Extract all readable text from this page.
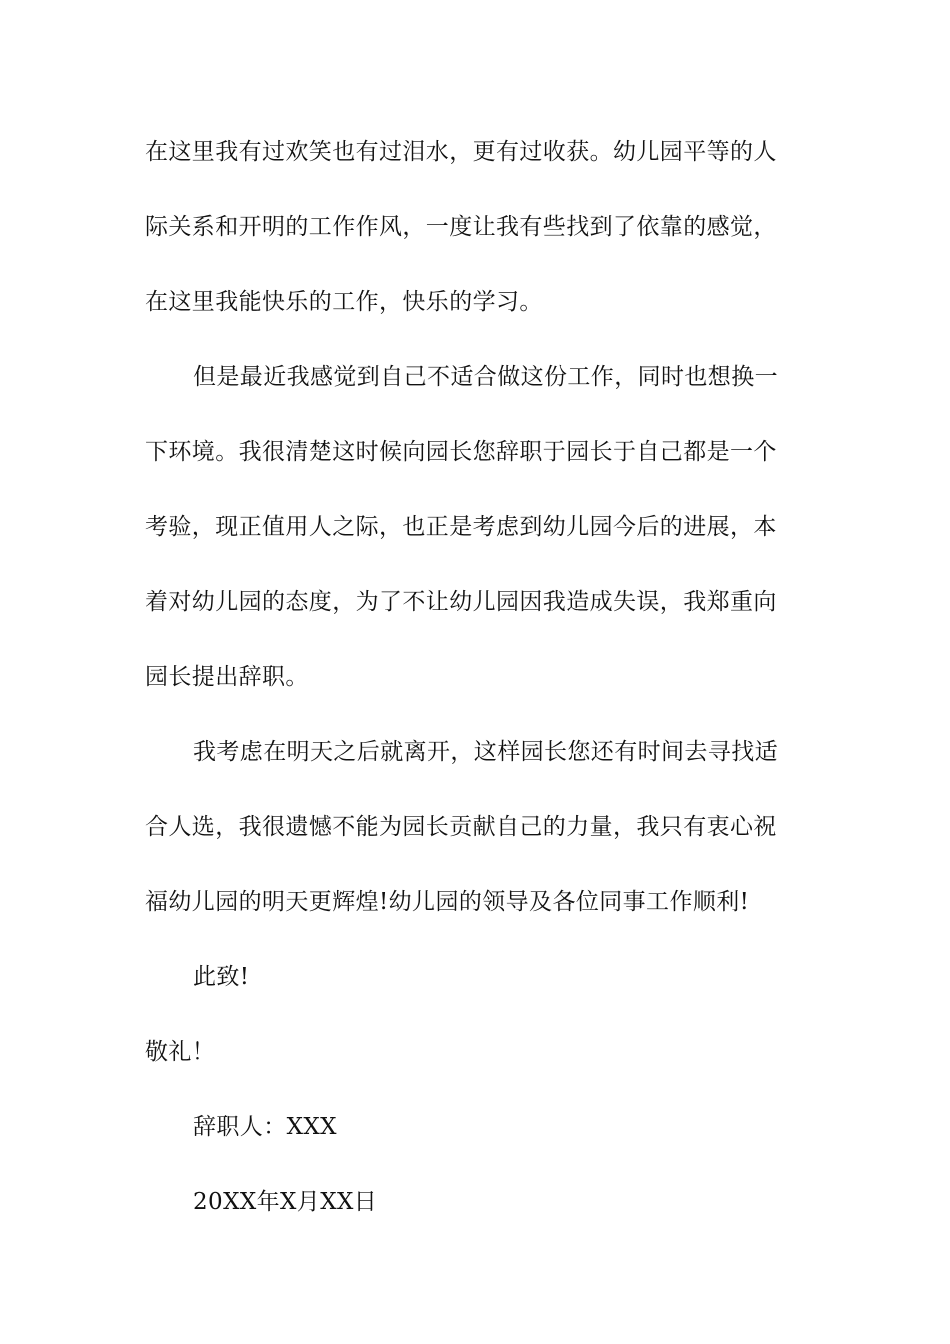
在这里我有过欢笑也有过泪水，更有过收获。幼儿园平等的人
际关系和开明的工作作风，一度让我有些找到了依靠的感觉，
在这里我能快乐的工作，快乐的学习。
但是最近我感觉到自己不适合做这份工作，同时也想换一
下环境。我很清楚这时候向园长您辞职于园长于自己都是一个
考验，现正值用人之际，也正是考虑到幼儿园今后的进展，本
着对幼儿园的态度，为了不让幼儿园因我造成失误，我郑重向
园长提出辞职。
我考虑在明天之后就离开，这样园长您还有时间去寻找适
合人选，我很遗憾不能为园长贡献自己的力量，我只有衷心祝
福幼儿园的明天更辉煌!幼儿园的领导及各位同事工作顺利!
此致!
敬礼！
辞职人：XXX
20XX年X月XX日
